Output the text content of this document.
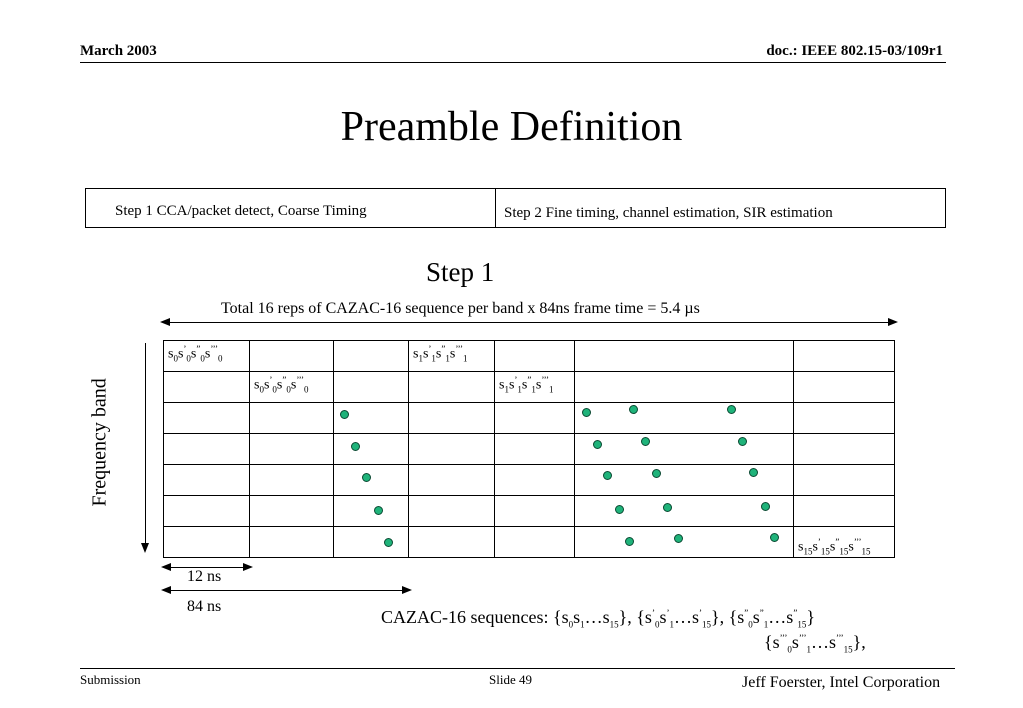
March 2003	doc.: IEEE 802.15-03/109r1
Preamble Definition
Step 1 CCA/packet detect, Coarse Timing	Step 2 Fine timing, channel estimation, SIR estimation
Step 1
Total 16 reps of CAZAC-16 sequence per band x 84ns frame time = 5.4 µs
Frequency band
$s_0s^’_0s^”_0s^{’’’}_0$			$s_1s^’_1s^”_1s^{’’’}_1$			
	$s_0s^’_0s^”_0s^{’’’}_0$			$s_1s^’_1s^”_1s^{’’’}_1$		

						$s_{15}s^’_{15}s^”_{15}s^{’’’}_{15}$
12 ns
84 ns
CAZAC-16 sequences: $\{s_0s_1\dots s_{15}\}$, $\{s^’_0s^’_1\dots s^’_{15}\}$, $\{s^”_0s^”_1\dots s^”_{15}\}$
$\{s^{’’’}_0s^{’’’}_1\dots s^{’’’}_{15}\}$,
Submission	Slide 49	Jeff Foerster, Intel Corporation
